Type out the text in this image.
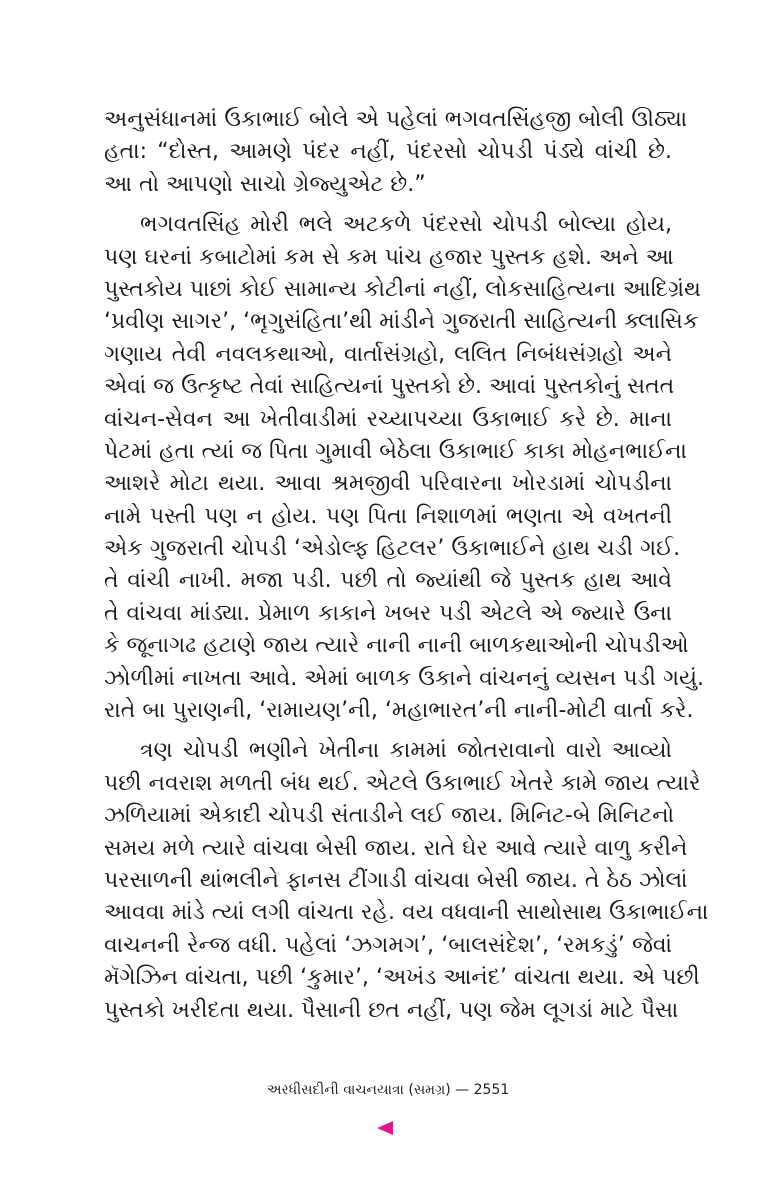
અનુસંધાનમાં ઉકાભાઈ બોલે એ પહેલાં ભગવતસિંહજી બોલી ઊઠ્યા
હતા: “દોસ્ત, આમણે પંદર નહીં, પંદરસો ચોપડી પંડ્યે વાંચી છે.
આ તો આપણો સાચો ગ્રેજ્યુએટ છે.”
ભગવતસિંહ મોરી ભલે અટકળે પંદરસો ચોપડી બોલ્યા હોય,
પણ ઘરનાં કબાટોમાં કમ સે કમ પાંચ હજાર પુસ્તક હશે. અને આ
પુસ્તકોય પાછાં કોઈ સામાન્ય કોટીનાં નહીં, લોકસાહિત્યના આદિગ્રંથ
‘પ્રવીણ સાગર’, ‘ભૃગુસંહિતા’થી માંડીને ગુજરાતી સાહિત્યની ક્લાસિક
ગણાય તેવી નવલકથાઓ, વાર્તાસંગ્રહો, લલિત નિબંધસંગ્રહો અને
એવાં જ ઉત્કૃષ્ટ તેવાં સાહિત્યનાં પુસ્તકો છે. આવાં પુસ્તકોનું સતત
વાંચન-સેવન આ ખેતીવાડીમાં રચ્યાપચ્યા ઉકાભાઈ કરે છે. માના
પેટમાં હતા ત્યાં જ પિતા ગુમાવી બેઠેલા ઉકાભાઈ કાકા મોહનભાઈના
આશરે મોટા થયા. આવા શ્રમજીવી પરિવારના ખોરડામાં ચોપડીના
નામે પસ્તી પણ ન હોય. પણ પિતા નિશાળમાં ભણતા એ વખતની
એક ગુજરાતી ચોપડી ‘એડોલ્ફ હિટલર’ ઉકાભાઈને હાથ ચડી ગઈ.
તે વાંચી નાખી. મજા પડી. પછી તો જ્યાંથી જે પુસ્તક હાથ આવે
તે વાંચવા માંડ્યા. પ્રેમાળ કાકાને ખબર પડી એટલે એ જ્યારે ઉના
કે જૂનાગઢ હટાણે જાય ત્યારે નાની નાની બાળકથાઓની ચોપડીઓ
ઝોળીમાં નાખતા આવે. એમાં બાળક ઉકાને વાંચનનું વ્યસન પડી ગયું.
રાતે બા પુરાણની, ‘રામાયણ’ની, ‘મહાભારત’ની નાની-મોટી વાર્તા કરે.
ત્રણ ચોપડી ભણીને ખેતીના કામમાં જોતરાવાનો વારો આવ્યો
પછી નવરાશ મળતી બંધ થઈ. એટલે ઉકાભાઈ ખેતરે કામે જાય ત્યારે
ઝળિયામાં એકાદી ચોપડી સંતાડીને લઈ જાય. મિનિટ-બે મિનિટનો
સમય મળે ત્યારે વાંચવા બેસી જાય. રાતે ઘેર આવે ત્યારે વાળુ કરીને
પરસાળની થાંભલીને ફાનસ ટીંગાડી વાંચવા બેસી જાય. તે ઠેઠ ઝોલાં
આવવા માંડે ત્યાં લગી વાંચતા રહે. વય વધવાની સાથોસાથ ઉકાભાઈના
વાચનની રેન્જ વધી. પહેલાં ‘ઝગમગ’, ‘બાલસંદેશ’, ‘રમકડું’ જેવાં
મૅગેઝિન વાંચતા, પછી ‘કુમાર’, ‘અખંડ આનંદ’ વાંચતા થયા. એ પછી
પુસ્તકો ખરીદતા થયા. પૈસાની છત નહીં, પણ જેમ લૂગડાં માટે પૈસા
અરધીસદીની વાચનયાત્રા (સમગ્ર) — 2551
